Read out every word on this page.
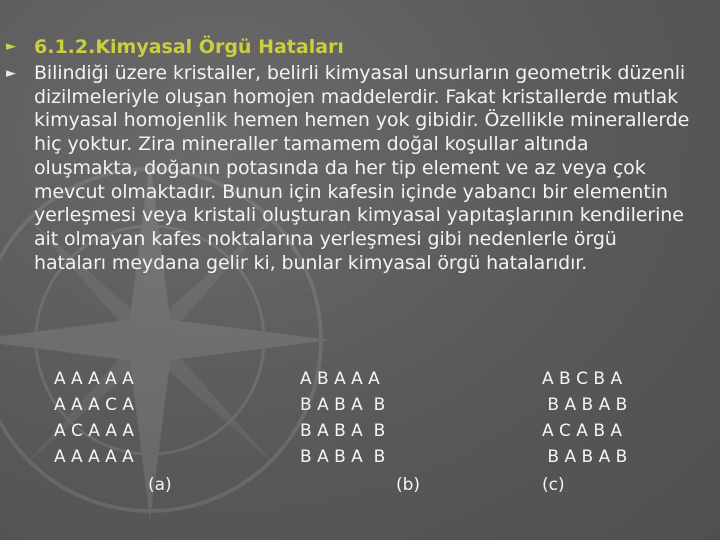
► 6.1.2.Kimyasal Örgü Hataları
► Bilindiği üzere kristaller, belirli kimyasal unsurların geometrik düzenli dizilmeleriyle oluşan homojen maddelerdir. Fakat kristallerde mutlak kimyasal homojenlik hemen hemen yok gibidir. Özellikle minerallerde hiç yoktur. Zira mineraller tamamem doğal koşullar altında oluşmakta, doğanın potasında da her tip element ve az veya çok mevcut olmaktadır. Bunun için kafesin içinde yabancı bir elementin yerleşmesi veya kristali oluşturan kimyasal yapıtaşlarının kendilerine ait olmayan kafes noktalarına yerleşmesi gibi nedenlerle örgü hataları meydana gelir ki, bunlar kimyasal örgü hatalarıdır.
A A A A A
A A A C A
A C A A A
A A A A A
(a)
A B A A A
B A B A  B
B A B A  B
B A B A  B
(b)
A B C B A
B A B A B
A C A B A
B A B A B
(c)
